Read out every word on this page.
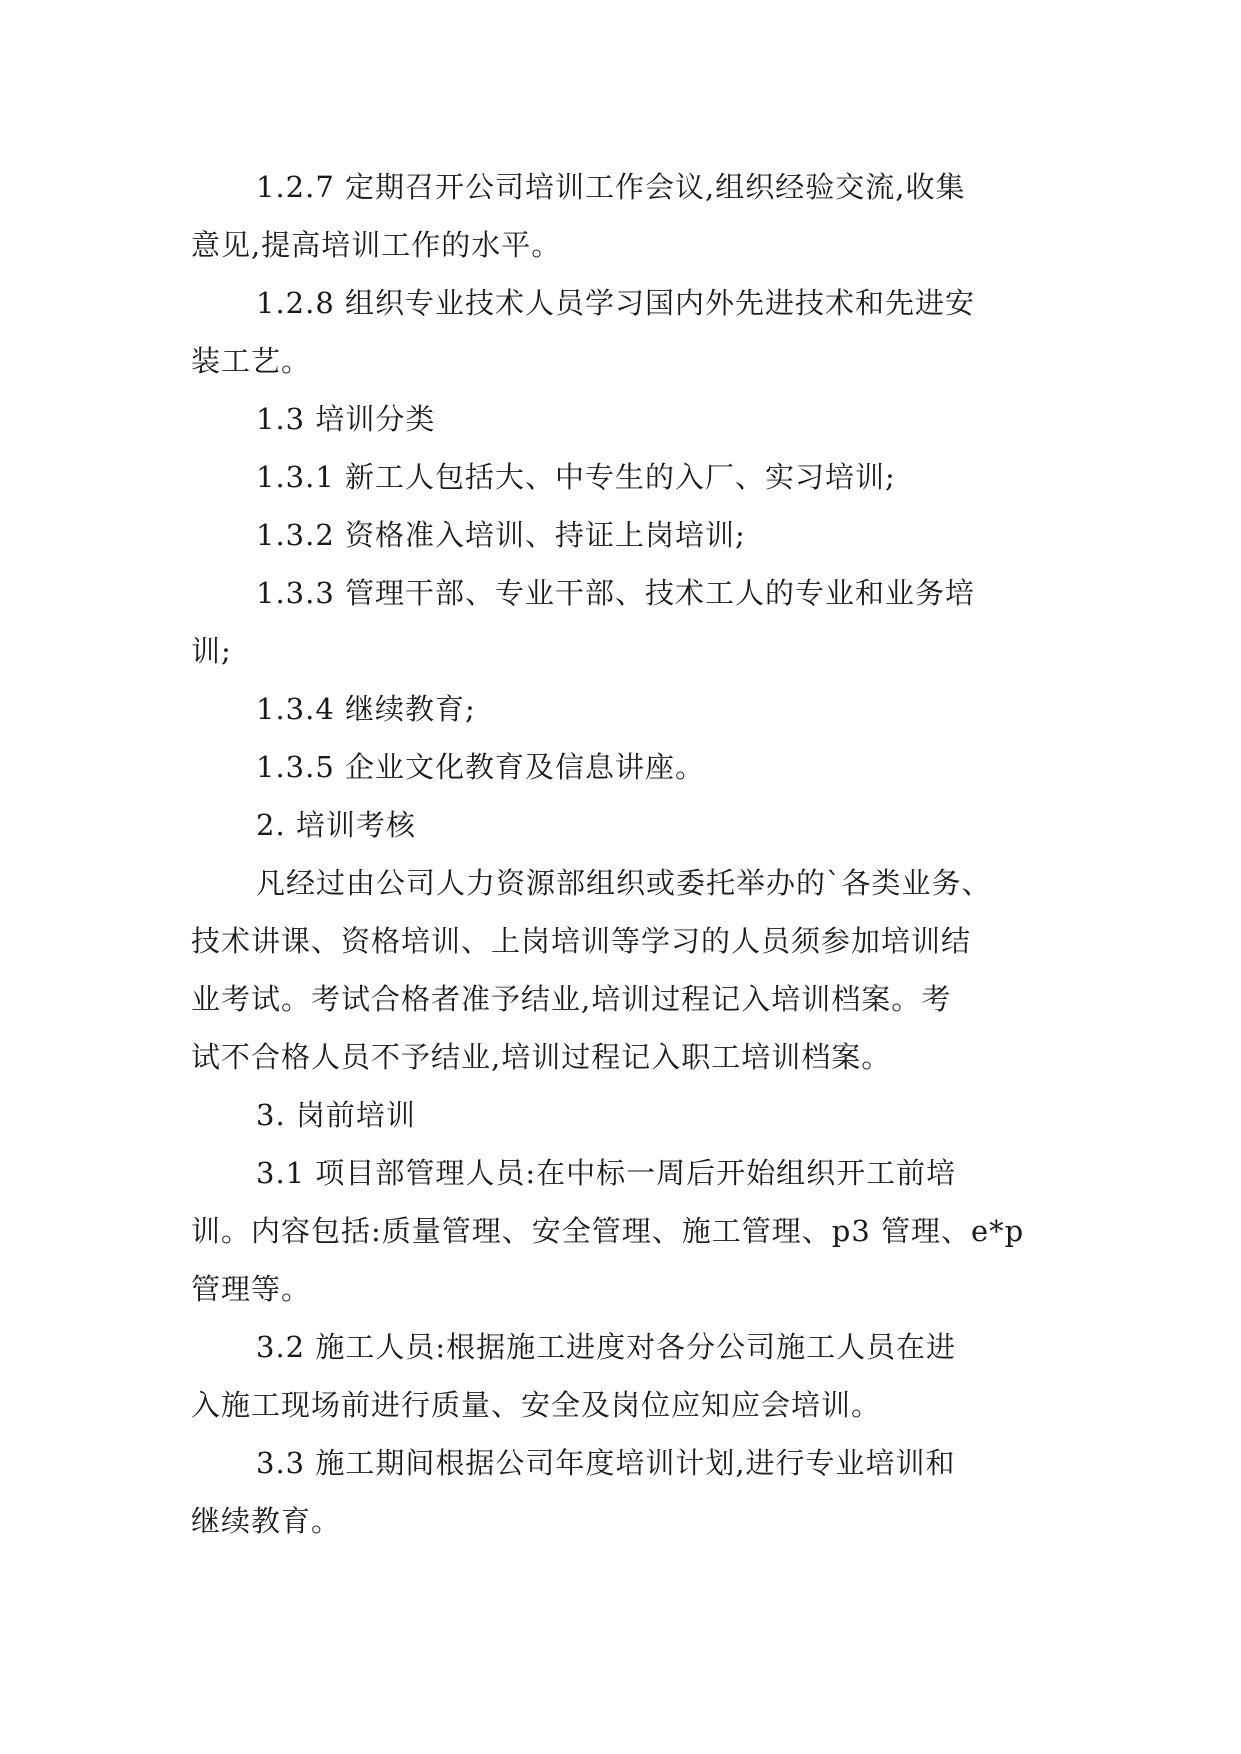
1.2.7 定期召开公司培训工作会议,组织经验交流,收集
意见,提高培训工作的水平。
1.2.8 组织专业技术人员学习国内外先进技术和先进安
装工艺。
1.3 培训分类
1.3.1 新工人包括大、中专生的入厂、实习培训;
1.3.2 资格准入培训、持证上岗培训;
1.3.3 管理干部、专业干部、技术工人的专业和业务培
训;
1.3.4 继续教育;
1.3.5 企业文化教育及信息讲座。
2. 培训考核
凡经过由公司人力资源部组织或委托举办的`各类业务、
技术讲课、资格培训、上岗培训等学习的人员须参加培训结
业考试。考试合格者准予结业,培训过程记入培训档案。考
试不合格人员不予结业,培训过程记入职工培训档案。
3. 岗前培训
3.1 项目部管理人员:在中标一周后开始组织开工前培
训。内容包括:质量管理、安全管理、施工管理、p3 管理、e*p
管理等。
3.2 施工人员:根据施工进度对各分公司施工人员在进
入施工现场前进行质量、安全及岗位应知应会培训。
3.3 施工期间根据公司年度培训计划,进行专业培训和
继续教育。
